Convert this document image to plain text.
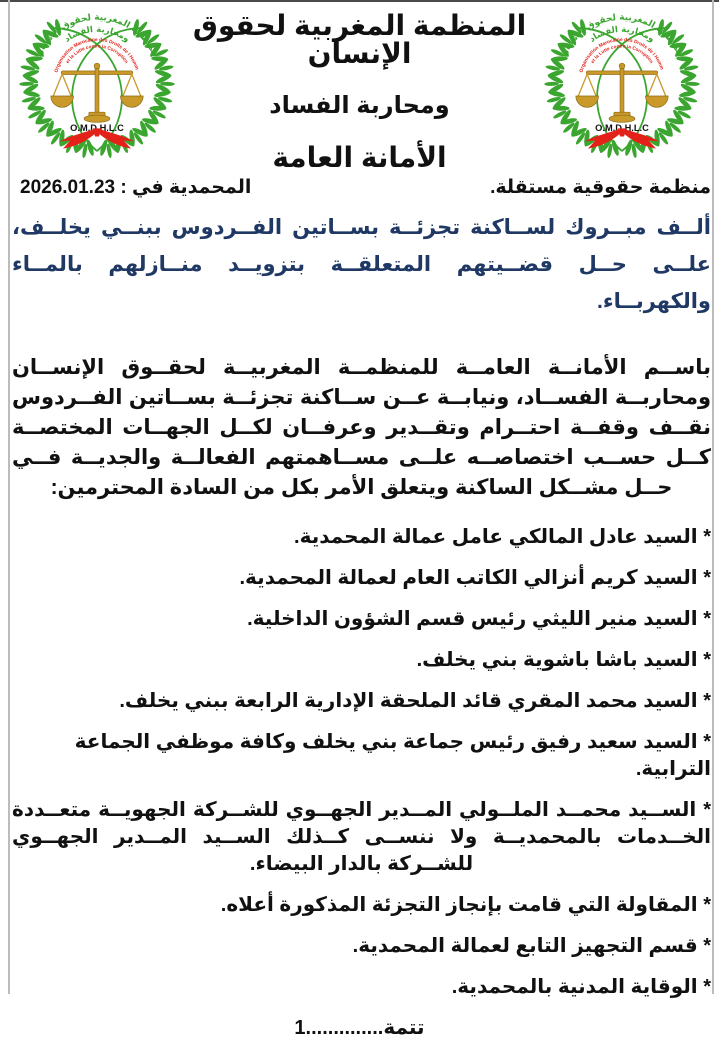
المنظمة المغربية لحقوق الإنسان
ومحاربة الفساد
الأمانة العامة
منظمة حقوقية مستقلة.
المحمدية في : 2026.01.23

ألــف مبــروك لســاكنة تجزئــة بســاتين الفــردوس ببنــي يخلــف، علــى حــل قضــيتهم المتعلقــة بتزويــد منــازلهم بالمــاء والكهربــاء.

باســم الأمانــة العامــة للمنظمــة المغربيــة لحقــوق الإنســان ومحاربــة الفســاد، ونيابــة عــن ســاكنة تجزئــة بســاتين الفــردوس نقــف وقفــة احتــرام وتقــدير وعرفــان لكــل الجهــات المختصــة كــل حســب اختصاصــه علــى مســاهمتهم الفعالــة والجديــة فــي حــل مشــكل الساكنة ويتعلق الأمر بكل من السادة المحترمين:

* السيد عادل المالكي عامل عمالة المحمدية.
* السيد كريم أنزالي الكاتب العام لعمالة المحمدية.
* السيد منير الليثي رئيس قسم الشؤون الداخلية.
* السيد باشا باشوية بني يخلف.
* السيد محمد المقري قائد الملحقة الإدارية الرابعة ببني يخلف.
* السيد سعيد رفيق رئيس جماعة بني يخلف وكافة موظفي الجماعة الترابية.
* الســيد محمــد الملــولي المــدير الجهــوي للشــركة الجهويــة متعــددة الخــدمات بالمحمديــة ولا ننســى كــذلك الســيد المــدير الجهــوي للشــركة بالدار البيضاء.
* المقاولة التي قامت بإنجاز التجزئة المذكورة أعلاه.
* قسم التجهيز التابع لعمالة المحمدية.
* الوقاية المدنية بالمحمدية.
تتمة..............1
